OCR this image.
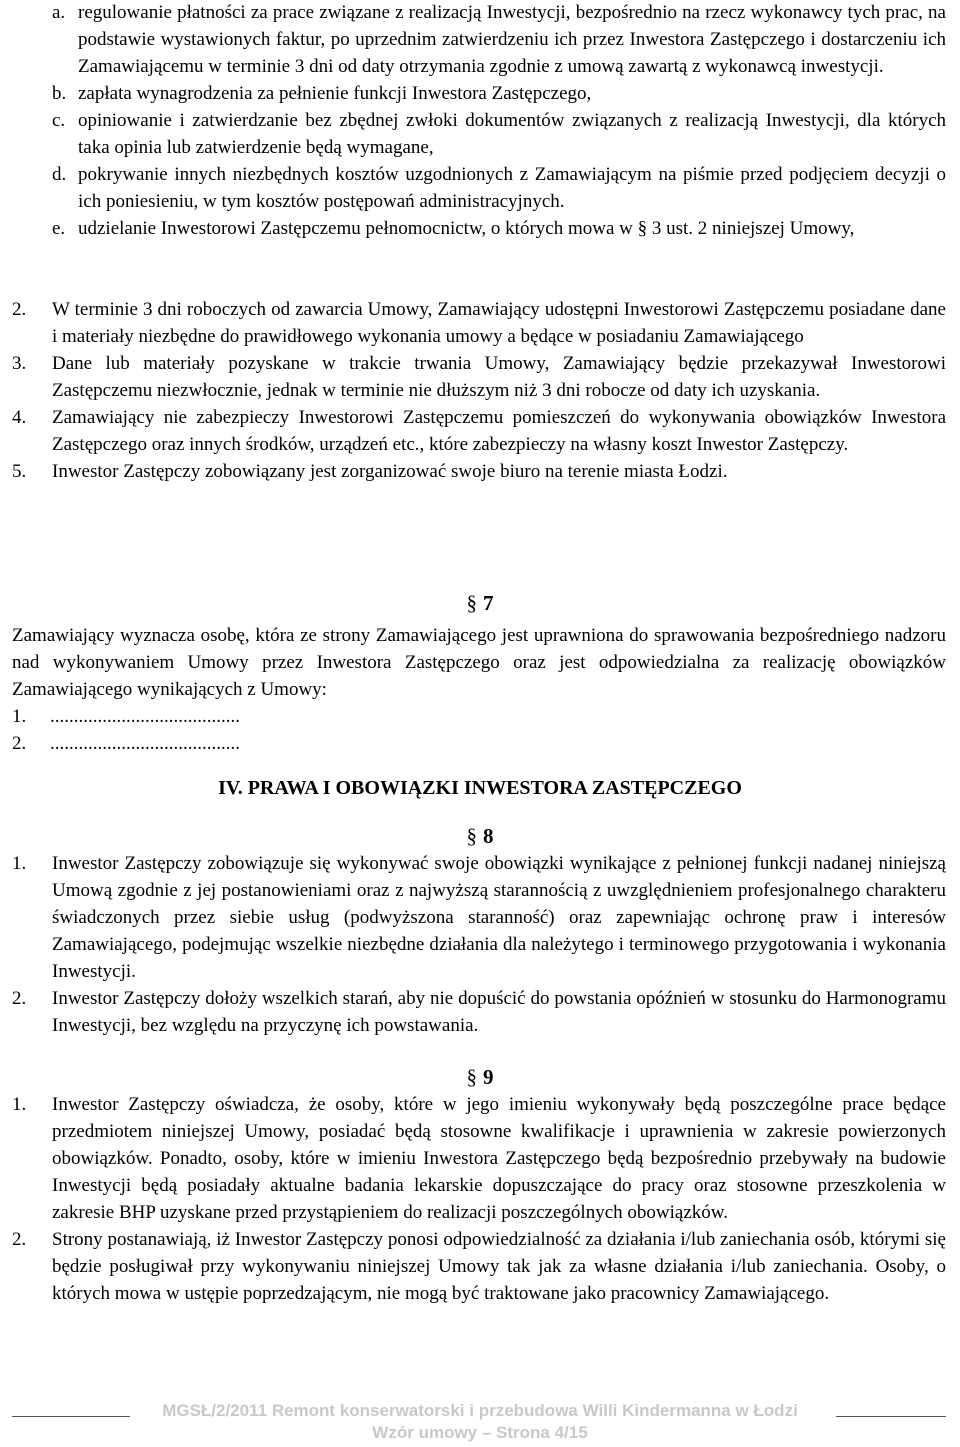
a. regulowanie płatności za prace związane z realizacją Inwestycji, bezpośrednio na rzecz wykonawcy tych prac, na podstawie wystawionych faktur, po uprzednim zatwierdzeniu ich przez Inwestora Zastępczego i dostarczeniu ich Zamawiającemu w terminie 3 dni od daty otrzymania zgodnie z umową zawartą z wykonawcą inwestycji.
b. zapłata wynagrodzenia za pełnienie funkcji Inwestora Zastępczego,
c. opiniowanie i zatwierdzanie bez zbędnej zwłoki dokumentów związanych z realizacją Inwestycji, dla których taka opinia lub zatwierdzenie będą wymagane,
d. pokrywanie innych niezbędnych kosztów uzgodnionych z Zamawiającym na piśmie przed podjęciem decyzji o ich poniesieniu, w tym kosztów postępowań administracyjnych.
e. udzielanie Inwestorowi Zastępczemu pełnomocnictw, o których mowa w § 3 ust. 2 niniejszej Umowy,
2. W terminie 3 dni roboczych od zawarcia Umowy, Zamawiający udostępni Inwestorowi Zastępczemu posiadane dane i materiały niezbędne do prawidłowego wykonania umowy a będące w posiadaniu Zamawiającego
3. Dane lub materiały pozyskane w trakcie trwania Umowy, Zamawiający będzie przekazywał Inwestorowi Zastępczemu niezwłocznie, jednak w terminie nie dłuższym niż 3 dni robocze od daty ich uzyskania.
4. Zamawiający nie zabezpieczy Inwestorowi Zastępczemu pomieszczeń do wykonywania obowiązków Inwestora Zastępczego oraz innych środków, urządzeń etc., które zabezpieczy na własny koszt Inwestor Zastępczy.
5. Inwestor Zastępczy zobowiązany jest zorganizować swoje biuro na terenie miasta Łodzi.
§ 7
Zamawiający wyznacza osobę, która ze strony Zamawiającego jest uprawniona do sprawowania bezpośredniego nadzoru nad wykonywaniem Umowy przez Inwestora Zastępczego oraz jest odpowiedzialna za realizację obowiązków Zamawiającego wynikających z Umowy:
1. ........................................
2. ........................................
IV. PRAWA I OBOWIĄZKI INWESTORA ZASTĘPCZEGO
§ 8
1. Inwestor Zastępczy zobowiązuje się wykonywać swoje obowiązki wynikające z pełnionej funkcji nadanej niniejszą Umową zgodnie z jej postanowieniami oraz z najwyższą starannością z uwzględnieniem profesjonalnego charakteru świadczonych przez siebie usług (podwyższona staranność) oraz zapewniając ochronę praw i interesów Zamawiającego, podejmując wszelkie niezbędne działania dla należytego i terminowego przygotowania i wykonania Inwestycji.
2. Inwestor Zastępczy dołoży wszelkich starań, aby nie dopuścić do powstania opóźnień w stosunku do Harmonogramu Inwestycji, bez względu na przyczynę ich powstawania.
§ 9
1. Inwestor Zastępczy oświadcza, że osoby, które w jego imieniu wykonywały będą poszczególne prace będące przedmiotem niniejszej Umowy, posiadać będą stosowne kwalifikacje i uprawnienia w zakresie powierzonych obowiązków. Ponadto, osoby, które w imieniu Inwestora Zastępczego będą bezpośrednio przebywały na budowie Inwestycji będą posiadały aktualne badania lekarskie dopuszczające do pracy oraz stosowne przeszkolenia w zakresie BHP uzyskane przed przystąpieniem do realizacji poszczególnych obowiązków.
2. Strony postanawiają, iż Inwestor Zastępczy ponosi odpowiedzialność za działania i/lub zaniechania osób, którymi się będzie posługiwał przy wykonywaniu niniejszej Umowy tak jak za własne działania i/lub zaniechania. Osoby, o których mowa w ustępie poprzedzającym, nie mogą być traktowane jako pracownicy Zamawiającego.
MGSŁ/2/2011 Remont konserwatorski i przebudowa Willi Kindermanna w Łodzi
Wzór umowy – Strona 4/15
